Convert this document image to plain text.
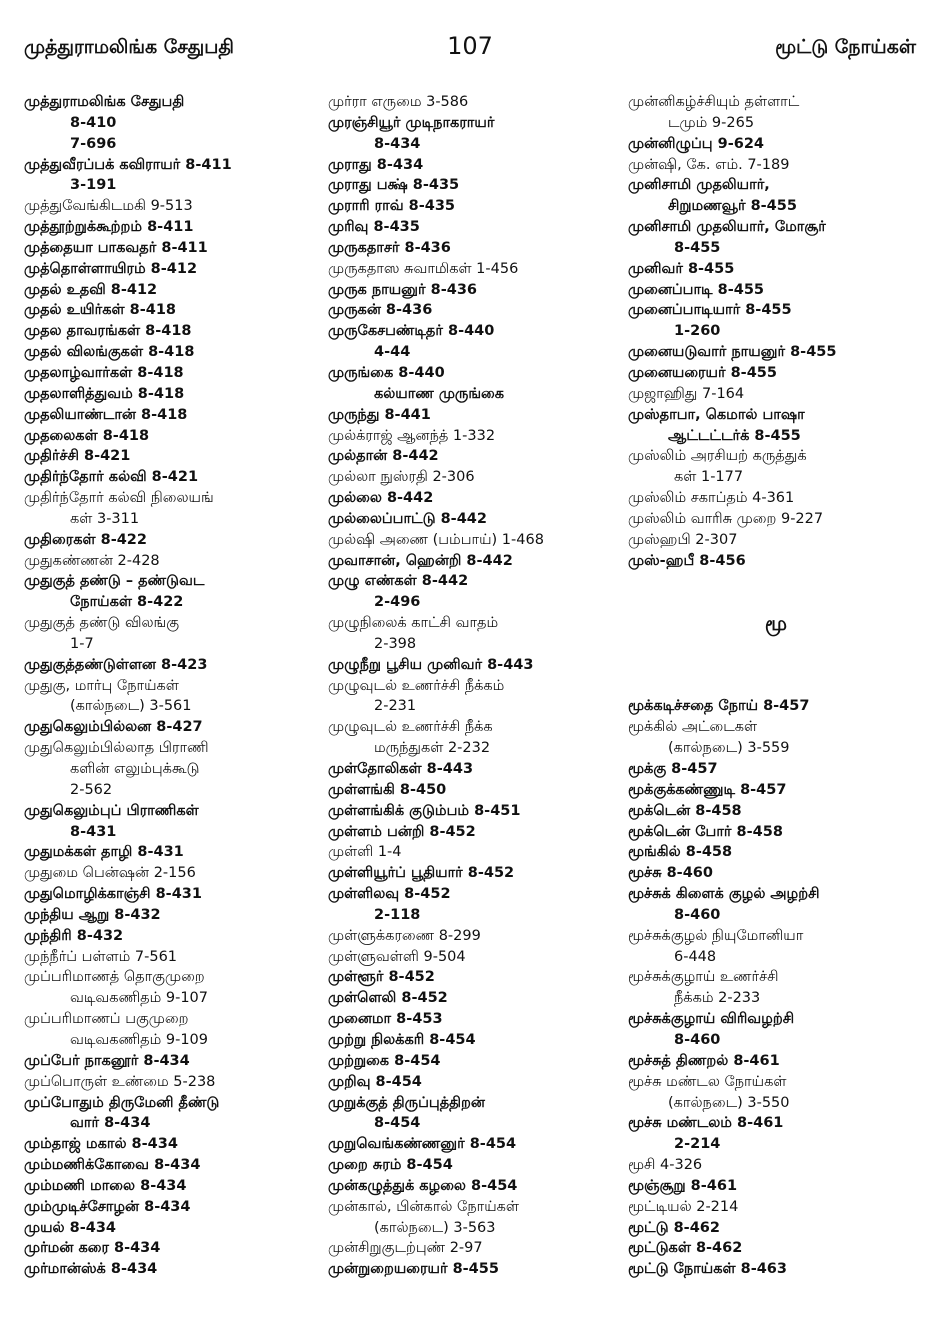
முத்துராமலிங்க சேதுபதி	107	மூட்டு நோய்கள்
முத்துராமலிங்க சேதுபதி
8-410
7-696
முத்துவீரப்பக் கவிராயர் 8-411
3-191
முத்துவேங்கிடமகி 9-513
முத்தூற்றுக்கூற்றம் 8-411
முத்தையா பாகவதர் 8-411
முத்தொள்ளாயிரம் 8-412
முதல் உதவி 8-412
முதல் உயிர்கள் 8-418
முதல தாவரங்கள் 8-418
முதல் விலங்குகள் 8-418
முதலாழ்வார்கள் 8-418
முதலாளித்துவம் 8-418
முதலியாண்டான் 8-418
முதலைகள் 8-418
முதிர்ச்சி 8-421
முதிர்ந்தோர் கல்வி 8-421
முதிர்ந்தோர் கல்வி நிலையங்
கள் 3-311
முதிரைகள் 8-422
முதுகண்ணன் 2-428
முதுகுத் தண்டு – தண்டுவட
நோய்கள் 8-422
முதுகுத் தண்டு விலங்கு
1-7
முதுகுத்தண்டுள்ளன 8-423
முதுகு, மார்பு நோய்கள்
(கால்நடை) 3-561
முதுகெலும்பில்லன 8-427
முதுகெலும்பில்லாத பிராணி
களின் எலும்புக்கூடு
2-562
முதுகெலும்புப் பிராணிகள்
8-431
முதுமக்கள் தாழி 8-431
முதுமை பென்ஷன் 2-156
முதுமொழிக்காஞ்சி 8-431
முந்திய ஆறு 8-432
முந்திரி 8-432
முந்நீர்ப் பள்ளம் 7-561
முப்பரிமாணத் தொகுமுறை
வடிவகணிதம் 9-107
முப்பரிமாணப் பகுமுறை
வடிவகணிதம் 9-109
முப்பேர் நாகனூர் 8-434
முப்பொருள் உண்மை 5-238
முப்போதும் திருமேனி தீண்டு
வார் 8-434
மும்தாஜ் மகால் 8-434
மும்மணிக்கோவை 8-434
மும்மணி மாலை 8-434
மும்முடிச்சோழன் 8-434
முயல் 8-434
முர்மன் கரை 8-434
முர்மான்ஸ்க் 8-434
முர்ரா எருமை 3-586
முரஞ்சியூர் முடிநாகராயர்
8-434
முராது 8-434
முராது பக்ஷ் 8-435
முராரி ராவ் 8-435
முரிவு 8-435
முருகதாசர் 8-436
முருகதாஸ சுவாமிகள் 1-456
முருக நாயனுர் 8-436
முருகன் 8-436
முருகேசபண்டிதர் 8-440
4-44
முருங்கை 8-440
கல்யாண முருங்கை
முருந்து 8-441
முல்க்ராஜ் ஆனந்த் 1-332
முல்தான் 8-442
முல்லா நுஸ்ரதி 2-306
முல்லை 8-442
முல்லைப்பாட்டு 8-442
முல்ஷி அணை (பம்பாய்) 1-468
முவாசான், ஹென்றி 8-442
முழு எண்கள் 8-442
2-496
முழுநிலைக் காட்சி வாதம்
2-398
முழுநீறு பூசிய முனிவர் 8-443
முழுவுடல் உணர்ச்சி நீக்கம்
2-231
முழுவுடல் உணர்ச்சி நீக்க
மருந்துகள் 2-232
முள்தோலிகள் 8-443
முள்ளங்கி 8-450
முள்ளங்கிக் குடும்பம் 8-451
முள்ளம் பன்றி 8-452
முள்ளி 1-4
முள்ளியூர்ப் பூதியார் 8-452
முள்ளிலவு 8-452
2-118
முள்ளுக்கரணை 8-299
முள்ளுவள்ளி 9-504
முள்ளூர் 8-452
முள்ளெலி 8-452
முனைமா 8-453
முற்று நிலக்கரி 8-454
முற்றுகை 8-454
முறிவு 8-454
முறுக்குத் திருப்புத்திறன்
8-454
முறுவெங்கண்ணனுர் 8-454
முறை சுரம் 8-454
முன்கழுத்துக் கழலை 8-454
முன்கால், பின்கால் நோய்கள்
(கால்நடை) 3-563
முன்சிறுகுடற்புண் 2-97
முன்றுறையரையர் 8-455
முன்னிகழ்ச்சியும் தள்ளாட்
டமும் 9-265
முன்னிழுப்பு 9-624
முன்ஷி, கே. எம். 7-189
முனிசாமி முதலியார்,
சிறுமணவூர் 8-455
முனிசாமி முதலியார், மோசூர்
8-455
முனிவர் 8-455
முனைப்பாடி 8-455
முனைப்பாடியார் 8-455
1-260
முனையடுவார் நாயனுர் 8-455
முனையரையர் 8-455
முஜாஹிது 7-164
முஸ்தாபா, கெமால் பாஷா
ஆட்டட்டர்க் 8-455
முஸ்லிம் அரசியற் கருத்துக்
கள் 1-177
முஸ்லிம் சகாப்தம் 4-361
முஸ்லிம் வாரிசு முறை 9-227
முஸ்ஹபி 2-307
முஸ்-ஹபீ 8-456
மூ
மூக்கடிச்சதை நோய் 8-457
மூக்கில் அட்டைகள்
(கால்நடை) 3-559
மூக்கு 8-457
மூக்குக்கண்ணுடி 8-457
மூக்டென் 8-458
மூக்டென் போர் 8-458
மூங்கில் 8-458
மூச்சு 8-460
மூச்சுக் கிளைக் குழல் அழற்சி
8-460
மூச்சுக்குழல் நியுமோனியா
6-448
மூச்சுக்குழாய் உணர்ச்சி
நீக்கம் 2-233
மூச்சுக்குழாய் விரிவழற்சி
8-460
மூச்சுத் திணறல் 8-461
மூச்சு மண்டல நோய்கள்
(கால்நடை) 3-550
மூச்சு மண்டலம் 8-461
2-214
மூசி 4-326
மூஞ்சூறு 8-461
மூட்டியல் 2-214
மூட்டு 8-462
மூட்டுகள் 8-462
மூட்டு நோய்கள் 8-463
